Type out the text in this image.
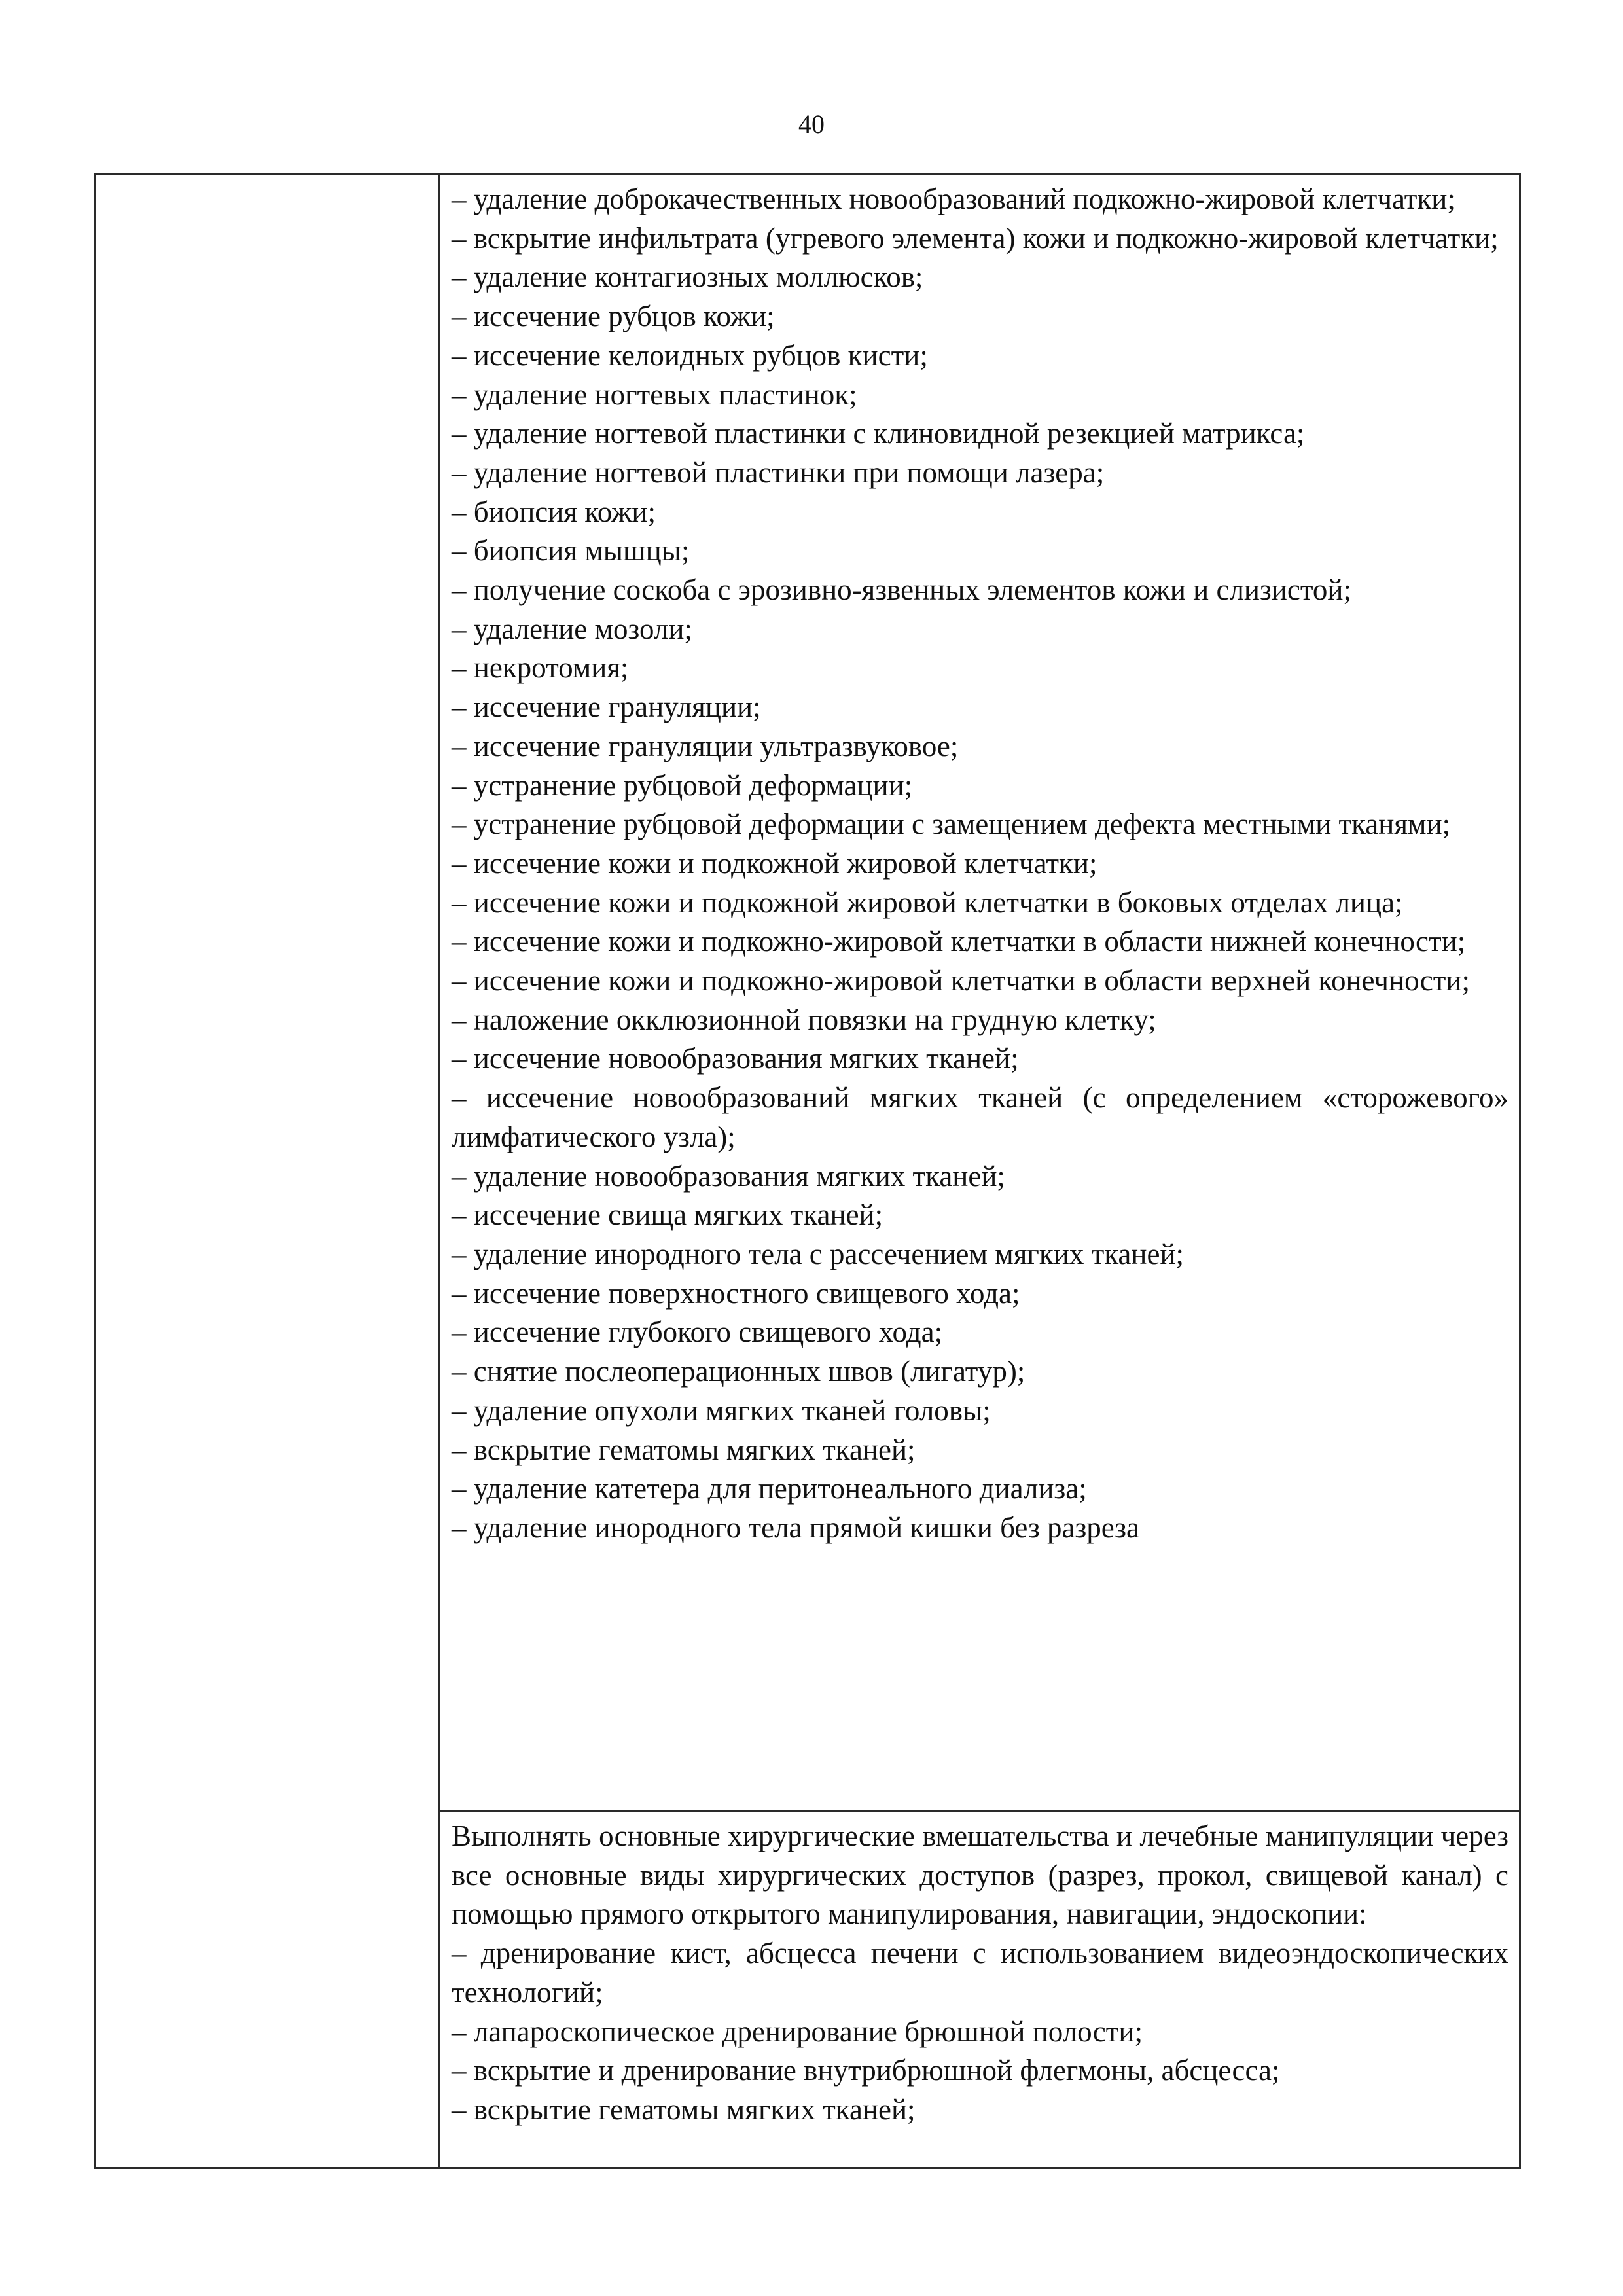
40

– удаление доброкачественных новообразований подкожно-жировой клетчатки;

– вскрытие инфильтрата (угревого элемента) кожи и подкожно-жировой клетчатки;

– удаление контагиозных моллюсков;

– иссечение рубцов кожи;

– иссечение келоидных рубцов кисти;

– удаление ногтевых пластинок;

– удаление ногтевой пластинки с клиновидной резекцией матрикса;

– удаление ногтевой пластинки при помощи лазера;

– биопсия кожи;

– биопсия мышцы;

– получение соскоба с эрозивно-язвенных элементов кожи и слизистой;

– удаление мозоли;

– некротомия;

– иссечение грануляции;

– иссечение грануляции ультразвуковое;

– устранение рубцовой деформации;

– устранение рубцовой деформации с замещением дефекта местными тканями;

– иссечение кожи и подкожной жировой клетчатки;

– иссечение кожи и подкожной жировой клетчатки в боковых отделах лица;

– иссечение кожи и подкожно-жировой клетчатки в области нижней конечности;

– иссечение кожи и подкожно-жировой клетчатки в области верхней конечности;

– наложение окклюзионной повязки на грудную клетку;

– иссечение новообразования мягких тканей;

– иссечение новообразований мягких тканей (с определением «сторожевого» лимфатического узла);

– удаление новообразования мягких тканей;

– иссечение свища мягких тканей;

– удаление инородного тела с рассечением мягких тканей;

– иссечение поверхностного свищевого хода;

– иссечение глубокого свищевого хода;

– снятие послеоперационных швов (лигатур);

– удаление опухоли мягких тканей головы;

– вскрытие гематомы мягких тканей;

– удаление катетера для перитонеального диализа;

– удаление инородного тела прямой кишки без разреза

Выполнять основные хирургические вмешательства и лечебные манипуляции через все основные виды хирургических доступов (разрез, прокол, свищевой канал) с помощью прямого открытого манипулирования, навигации, эндоскопии:

– дренирование кист, абсцесса печени с использованием видеоэндоскопических технологий;

– лапароскопическое дренирование брюшной полости;

– вскрытие и дренирование внутрибрюшной флегмоны, абсцесса;

– вскрытие гематомы мягких тканей;
